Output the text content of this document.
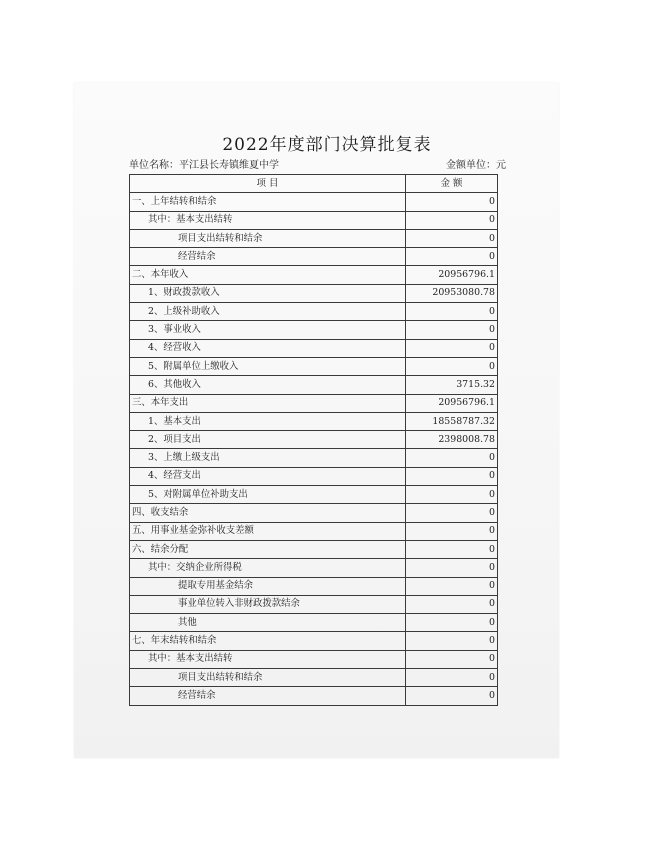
2022年度部门决算批复表
单位名称：平江县长寿镇维夏中学	金额单位：元
项 目	金 额
一、上年结转和结余	0
其中：基本支出结转	0
项目支出结转和结余	0
经营结余	0
二、本年收入	20956796.1
1、财政拨款收入	20953080.78
2、上级补助收入	0
3、事业收入	0
4、经营收入	0
5、附属单位上缴收入	0
6、其他收入	3715.32
三、本年支出	20956796.1
1、基本支出	18558787.32
2、项目支出	2398008.78
3、上缴上级支出	0
4、经营支出	0
5、对附属单位补助支出	0
四、收支结余	0
五、用事业基金弥补收支差额	0
六、结余分配	0
其中：交纳企业所得税	0
提取专用基金结余	0
事业单位转入非财政拨款结余	0
其他	0
七、年末结转和结余	0
其中：基本支出结转	0
项目支出结转和结余	0
经营结余	0
